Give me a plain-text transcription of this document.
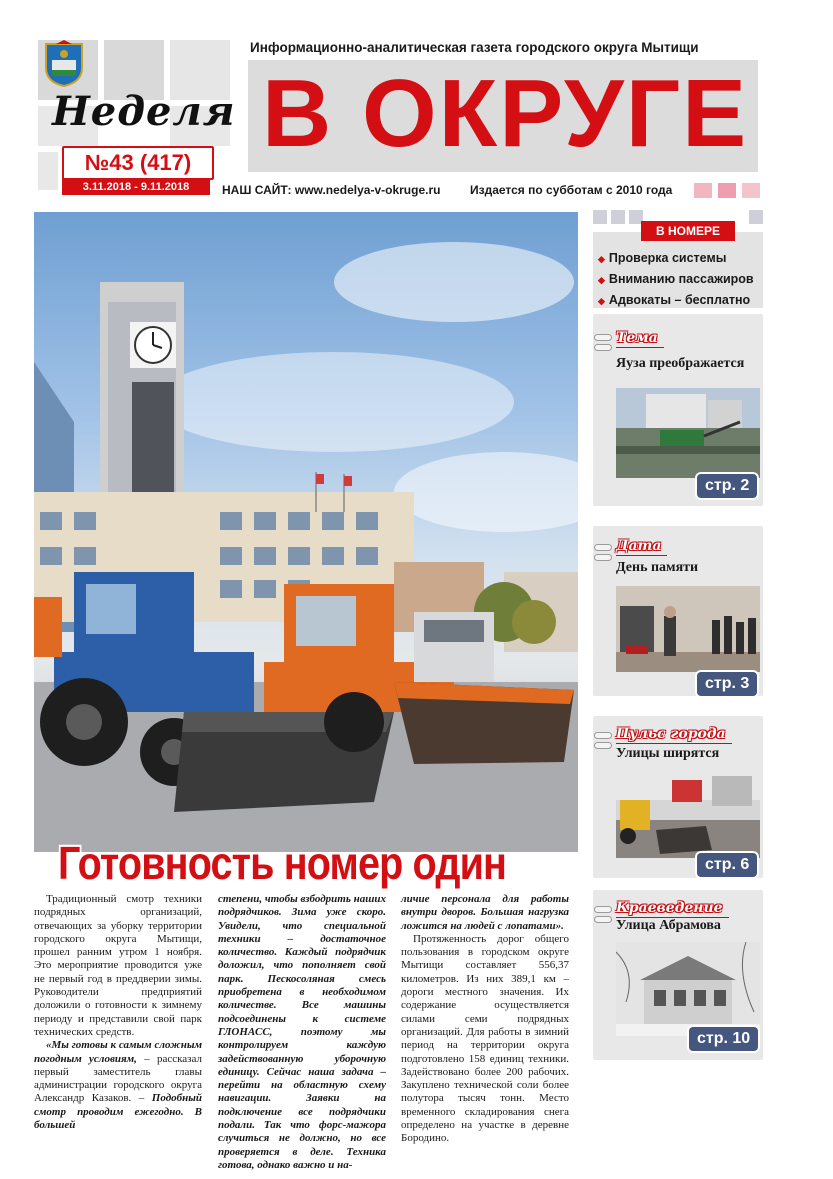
Неделя
№43 (417)
3.11.2018 - 9.11.2018
Информационно-аналитическая газета городского округа Мытищи
В ОКРУГЕ
НАШ САЙТ: www.nedelya-v-okruge.ru Издается по субботам с 2010 года
Готовность номер один

Традиционный смотр техники подрядных организаций, отвечающих за уборку территории городского округа Мытищи, прошел ранним утром 1 ноября. Это мероприятие проводится уже не первый год в преддверии зимы. Руководители предприятий доложили о готовности к зимнему периоду и представили свой парк технических средств.

«Мы готовы к самым сложным погодным условиям, – рассказал первый заместитель главы администрации городского округа Александр Казаков. – Подобный смотр проводим ежегодно. В большей

степени, чтобы взбодрить наших подрядчиков. Зима уже скоро. Увидели, что специальной техники – достаточное количество. Каждый подрядчик доложил, что пополняет свой парк. Пескосоляная смесь приобретена в необходимом количестве. Все машины подсоединены к системе ГЛОНАСС, поэтому мы контролируем каждую задействованную уборочную единицу. Сейчас наша задача – перейти на областную схему навигации. Заявки на подключение все подрядчики подали. Так что форс-мажора случиться не должно, но все проверяется в деле. Техника готова, однако важно и на-

личие персонала для работы внутри дворов. Большая нагрузка ложится на людей с лопатами».

Протяженность дорог общего пользования в городском округе Мытищи составляет 556,37 километров. Из них 389,1 км – дороги местного значения. Их содержание осуществляется силами семи подрядных организаций. Для работы в зимний период на территории округа подготовлено 158 единиц техники. Задействовано более 200 рабочих. Закуплено технической соли более полутора тысяч тонн. Место временного складирования снега определено на участке в деревне Бородино.

В НОМЕРЕ
◆ Проверка системы
◆ Вниманию пассажиров
◆ Адвокаты – бесплатно
Тема
Яуза преображается
стр. 2
Дата
День памяти
стр. 3
Пульс города
Улицы ширятся
стр. 6
Краеведение
Улица Абрамова
стр. 10
